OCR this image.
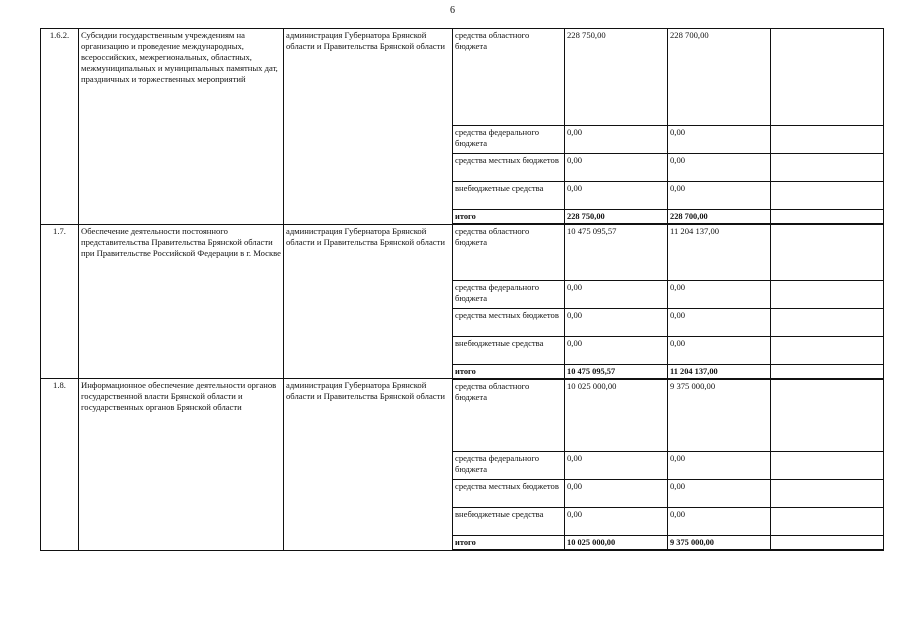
6
1.6.2.	Субсидии государственным учреждениям на организацию и проведение международных, всероссийских, межрегиональных, областных, межмуниципальных и муниципальных памятных дат, праздничных и торжественных мероприятий	администрация Губернатора Брянской области и Правительства Брянской области	средства областного бюджета	228 750,00	228 700,00	
			средства федерального бюджета	0,00	0,00	
			средства местных бюджетов	0,00	0,00	
			внебюджетные средства	0,00	0,00	
			итого	228 750,00	228 700,00	
1.7.	Обеспечение деятельности постоянного представительства Правительства Брянской области при Правительстве Российской Федерации в г. Москве	администрация Губернатора Брянской области и Правительства Брянской области	средства областного бюджета	10 475 095,57	11 204 137,00	
			средства федерального бюджета	0,00	0,00	
			средства местных бюджетов	0,00	0,00	
			внебюджетные средства	0,00	0,00	
			итого	10 475 095,57	11 204 137,00	
1.8.	Информационное обеспечение деятельности органов государственной власти Брянской области и государственных органов Брянской области	администрация Губернатора Брянской области и Правительства Брянской области	средства областного бюджета	10 025 000,00	9 375 000,00	
			средства федерального бюджета	0,00	0,00	
			средства местных бюджетов	0,00	0,00	
			внебюджетные средства	0,00	0,00	
			итого	10 025 000,00	9 375 000,00	
